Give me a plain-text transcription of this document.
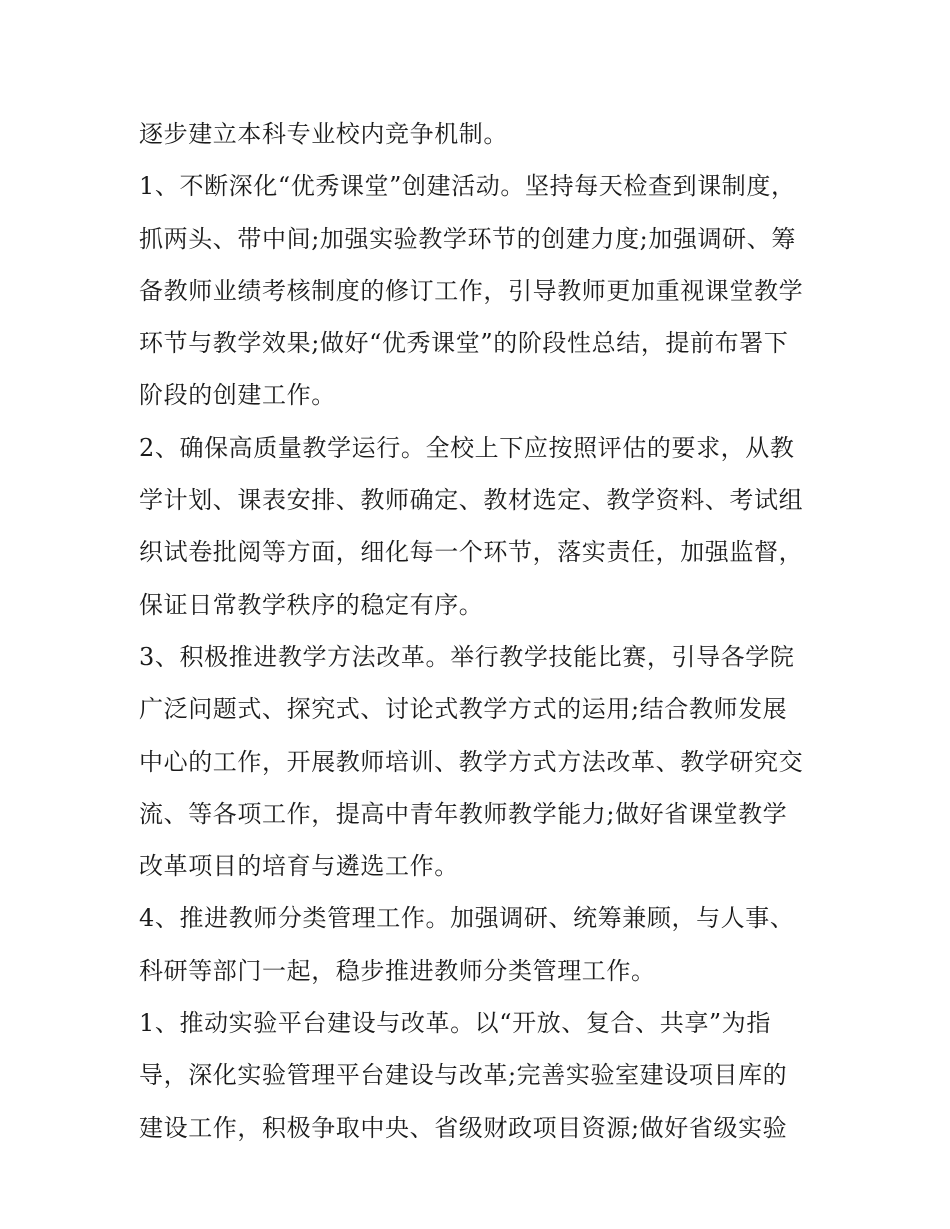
逐步建立本科专业校内竞争机制。
1、不断深化“优秀课堂”创建活动。坚持每天检查到课制度，
抓两头、带中间;加强实验教学环节的创建力度;加强调研、筹
备教师业绩考核制度的修订工作，引导教师更加重视课堂教学
环节与教学效果;做好“优秀课堂”的阶段性总结，提前布署下
阶段的创建工作。
2、确保高质量教学运行。全校上下应按照评估的要求，从教
学计划、课表安排、教师确定、教材选定、教学资料、考试组
织试卷批阅等方面，细化每一个环节，落实责任，加强监督，
保证日常教学秩序的稳定有序。
3、积极推进教学方法改革。举行教学技能比赛，引导各学院
广泛问题式、探究式、讨论式教学方式的运用;结合教师发展
中心的工作，开展教师培训、教学方式方法改革、教学研究交
流、等各项工作，提高中青年教师教学能力;做好省课堂教学
改革项目的培育与遴选工作。
4、推进教师分类管理工作。加强调研、统筹兼顾，与人事、
科研等部门一起，稳步推进教师分类管理工作。
1、推动实验平台建设与改革。以“开放、复合、共享”为指
导，深化实验管理平台建设与改革;完善实验室建设项目库的
建设工作，积极争取中央、省级财政项目资源;做好省级实验
